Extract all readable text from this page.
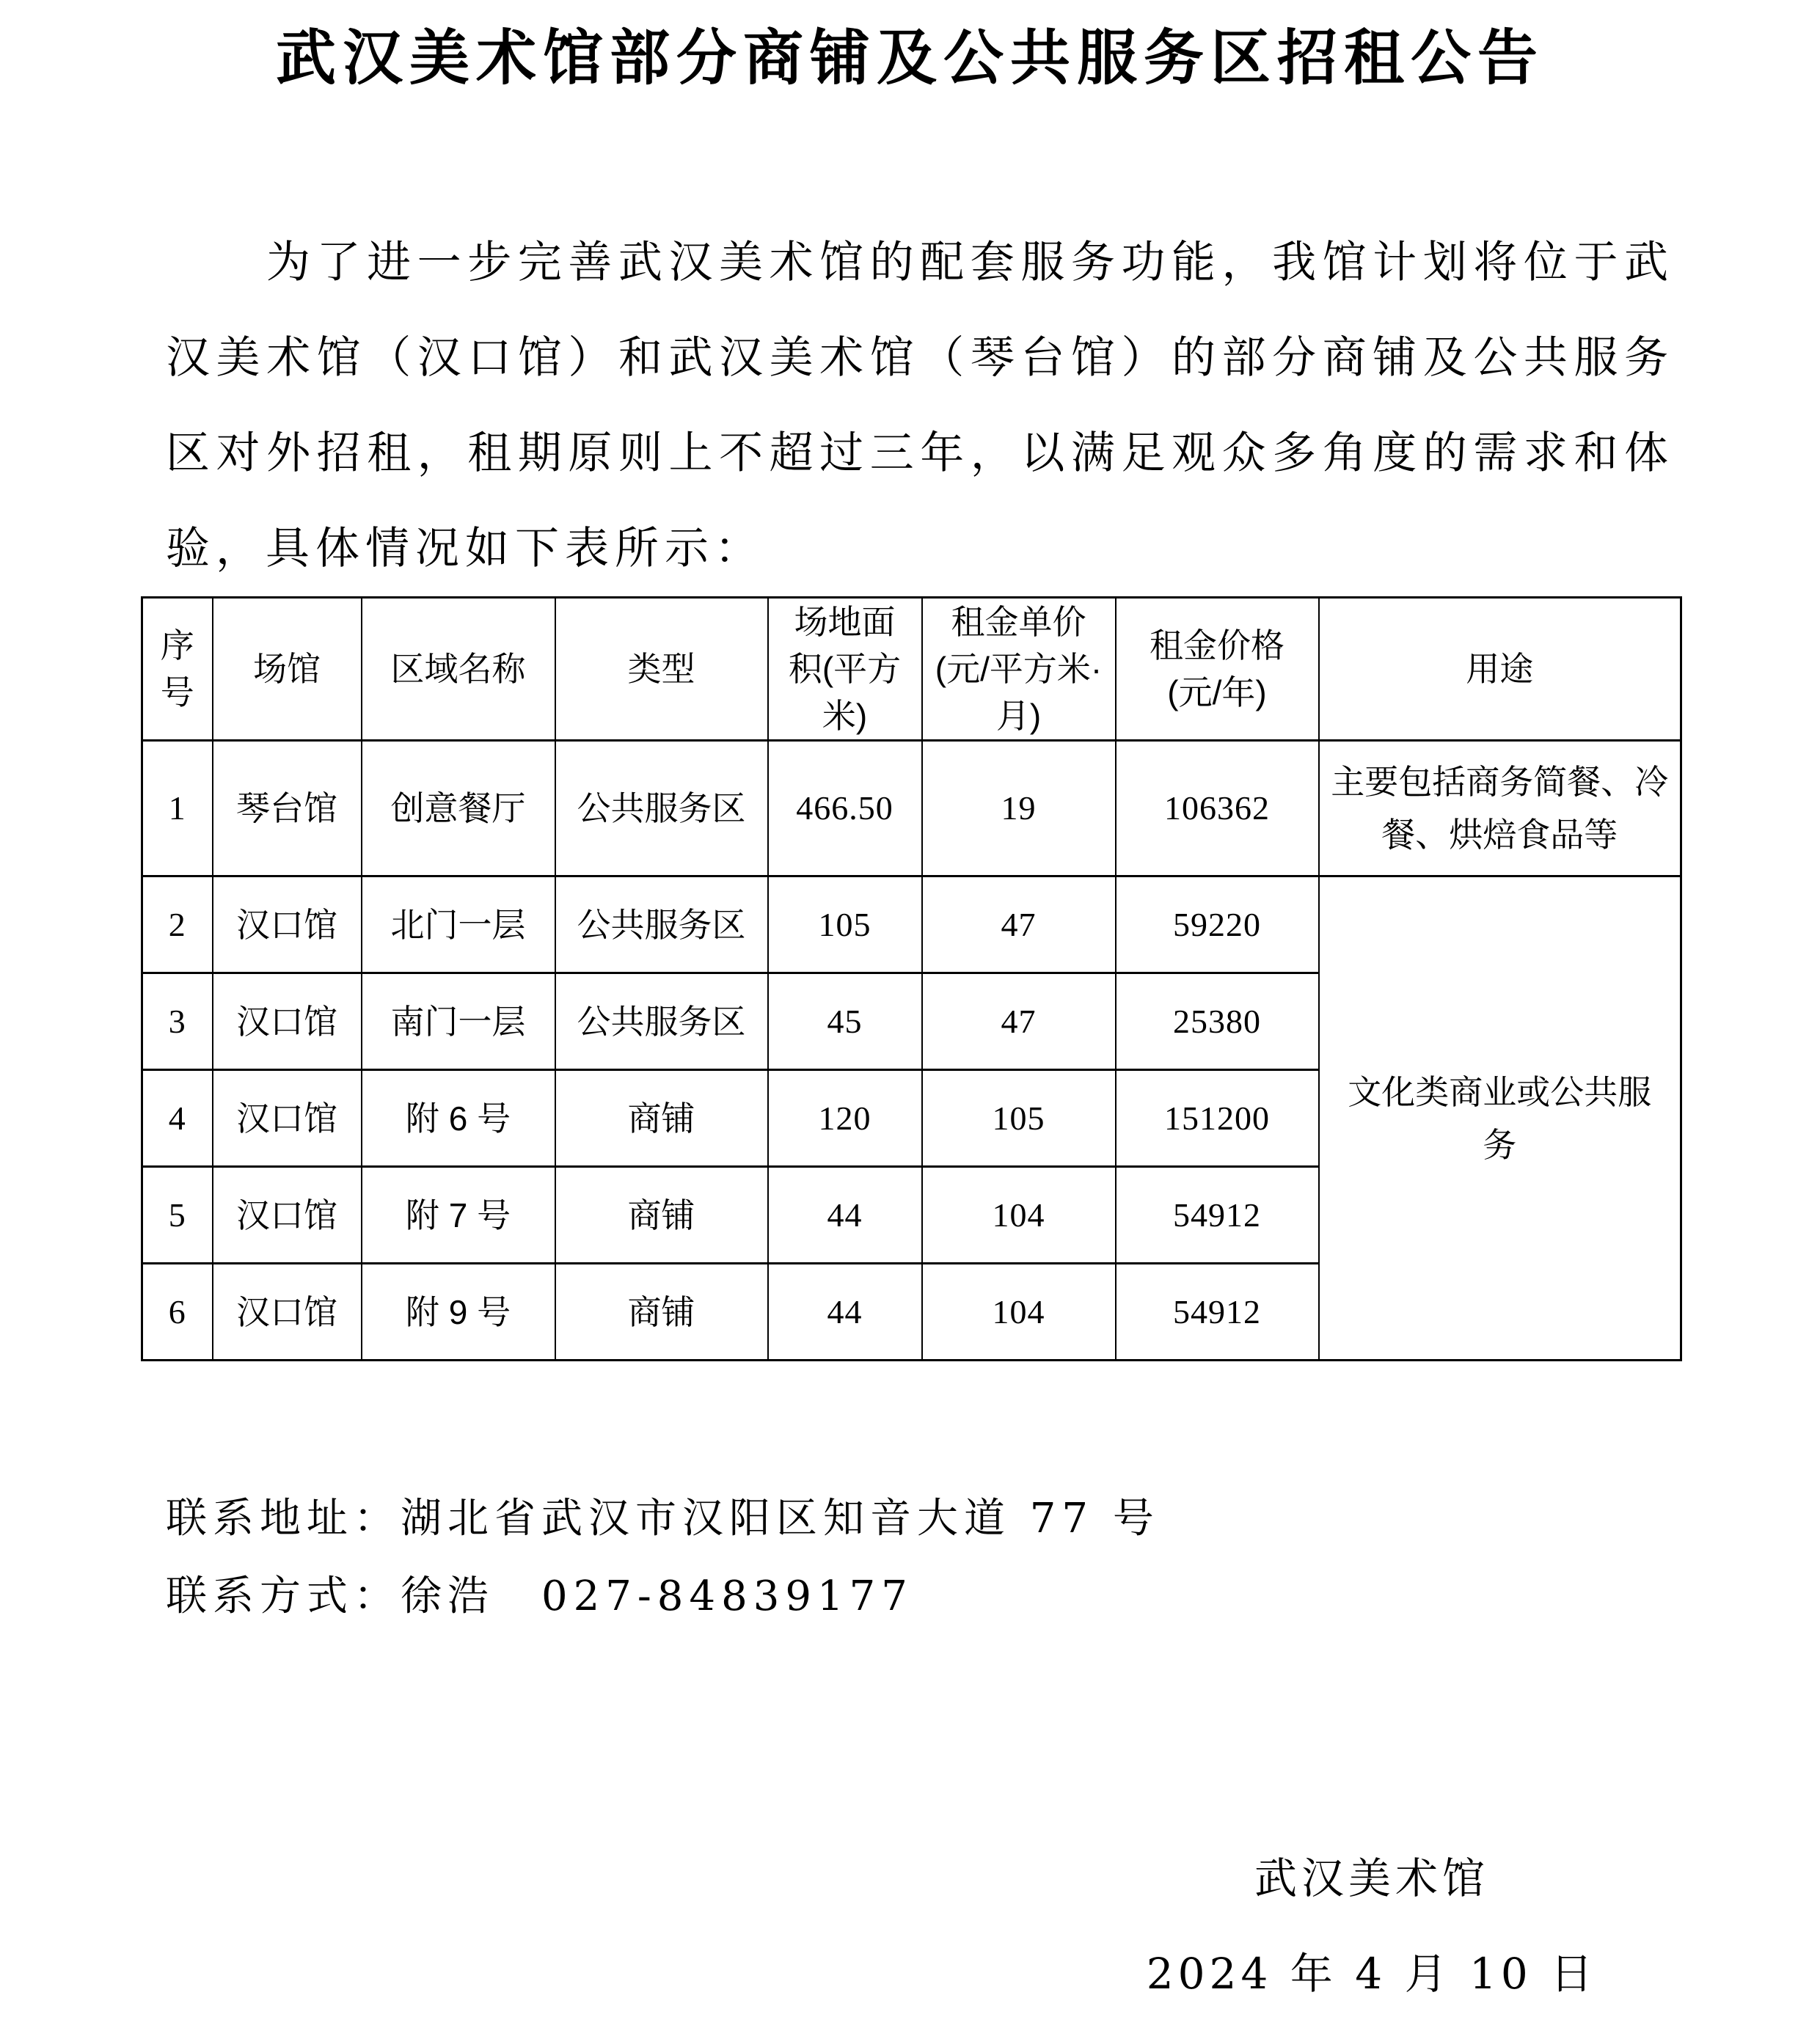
武汉美术馆部分商铺及公共服务区招租公告
为了进一步完善武汉美术馆的配套服务功能，我馆计划将位于武
汉美术馆（汉口馆）和武汉美术馆（琴台馆）的部分商铺及公共服务
区对外招租，租期原则上不超过三年，以满足观众多角度的需求和体
验，具体情况如下表所示：
序号	场馆	区域名称	类型	场地面积(平方米)	租金单价(元/平方米·月)	租金价格(元/年)	用途
1	琴台馆	创意餐厅	公共服务区	466.50	19	106362	主要包括商务简餐、冷餐、烘焙食品等
2	汉口馆	北门一层	公共服务区	105	47	59220	文化类商业或公共服务
3	汉口馆	南门一层	公共服务区	45	47	25380	
4	汉口馆	附 6 号	商铺	120	105	151200	
5	汉口馆	附 7 号	商铺	44	104	54912	
6	汉口馆	附 9 号	商铺	44	104	54912	
联系地址：湖北省武汉市汉阳区知音大道 77 号
联系方式：徐浩　027-84839177
武汉美术馆
2024 年 4 月 10 日
